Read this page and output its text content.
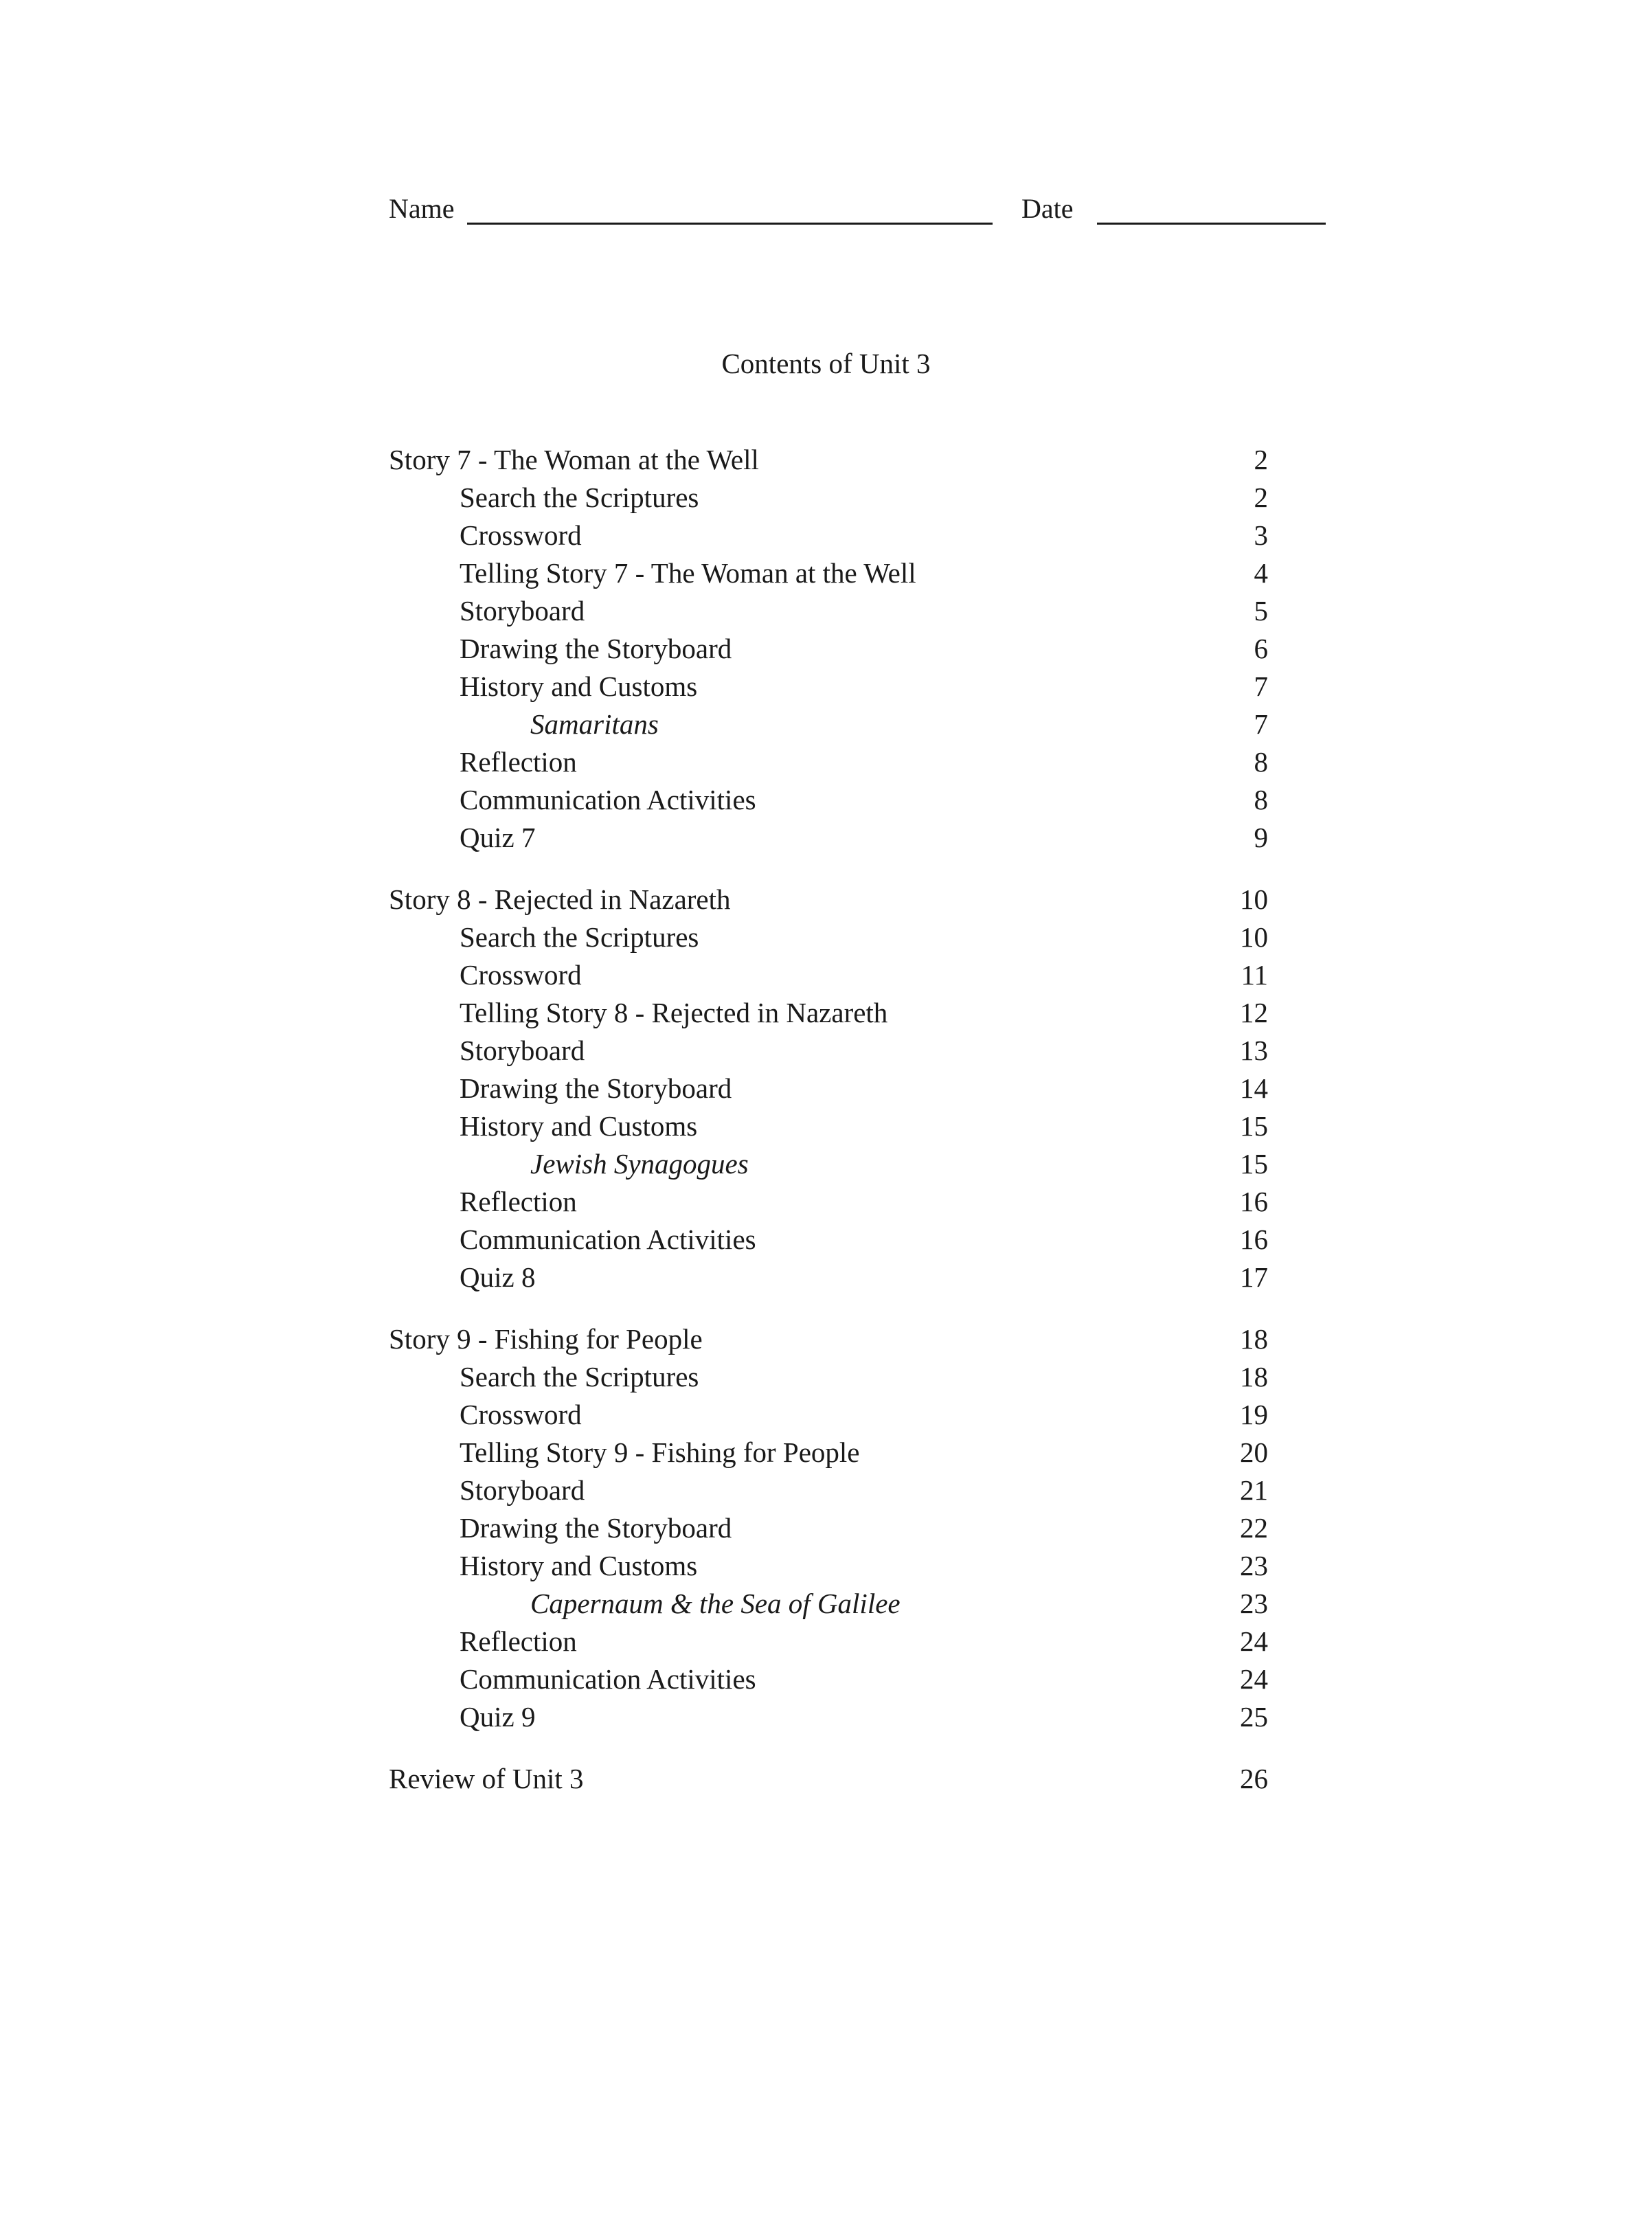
Name	Date
Contents of Unit 3
Story 7 - The Woman at the Well	2
Search the Scriptures	2
Crossword	3
Telling Story 7 - The Woman at the Well	4
Storyboard	5
Drawing the Storyboard	6
History and Customs	7
Samaritans	7
Reflection	8
Communication Activities	8
Quiz 7	9
Story 8 - Rejected in Nazareth	10
Search the Scriptures	10
Crossword	11
Telling Story 8 - Rejected in Nazareth	12
Storyboard	13
Drawing the Storyboard	14
History and Customs	15
Jewish Synagogues	15
Reflection	16
Communication Activities	16
Quiz 8	17
Story 9 - Fishing for People	18
Search the Scriptures	18
Crossword	19
Telling Story 9 - Fishing for People	20
Storyboard	21
Drawing the Storyboard	22
History and Customs	23
Capernaum & the Sea of Galilee	23
Reflection	24
Communication Activities	24
Quiz 9	25
Review of Unit 3	26
